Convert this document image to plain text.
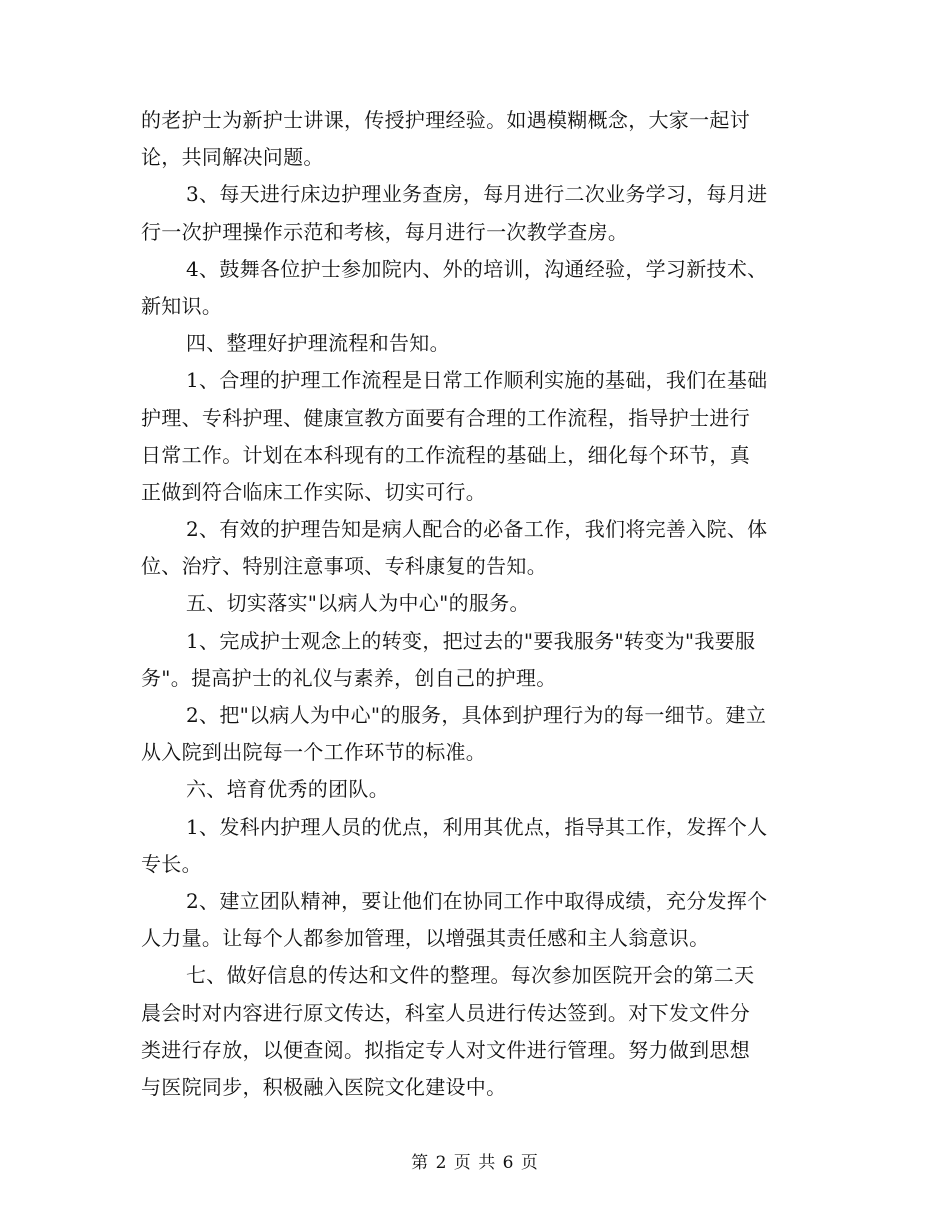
的老护士为新护士讲课，传授护理经验。如遇模糊概念，大家一起讨
论，共同解决问题。
3、每天进行床边护理业务查房，每月进行二次业务学习，每月进
行一次护理操作示范和考核，每月进行一次教学查房。
4、鼓舞各位护士参加院内、外的培训，沟通经验，学习新技术、
新知识。
四、整理好护理流程和告知。
1、合理的护理工作流程是日常工作顺利实施的基础，我们在基础
护理、专科护理、健康宣教方面要有合理的工作流程，指导护士进行
日常工作。计划在本科现有的工作流程的基础上，细化每个环节，真
正做到符合临床工作实际、切实可行。
2、有效的护理告知是病人配合的必备工作，我们将完善入院、体
位、治疗、特别注意事项、专科康复的告知。
五、切实落实"以病人为中心"的服务。
1、完成护士观念上的转变，把过去的"要我服务"转变为"我要服
务"。提高护士的礼仪与素养，创自己的护理。
2、把"以病人为中心"的服务，具体到护理行为的每一细节。建立
从入院到出院每一个工作环节的标准。
六、培育优秀的团队。
1、发科内护理人员的优点，利用其优点，指导其工作，发挥个人
专长。
2、建立团队精神，要让他们在协同工作中取得成绩，充分发挥个
人力量。让每个人都参加管理，以增强其责任感和主人翁意识。
七、做好信息的传达和文件的整理。每次参加医院开会的第二天
晨会时对内容进行原文传达，科室人员进行传达签到。对下发文件分
类进行存放，以便查阅。拟指定专人对文件进行管理。努力做到思想
与医院同步，积极融入医院文化建设中。
第 2 页 共 6 页
